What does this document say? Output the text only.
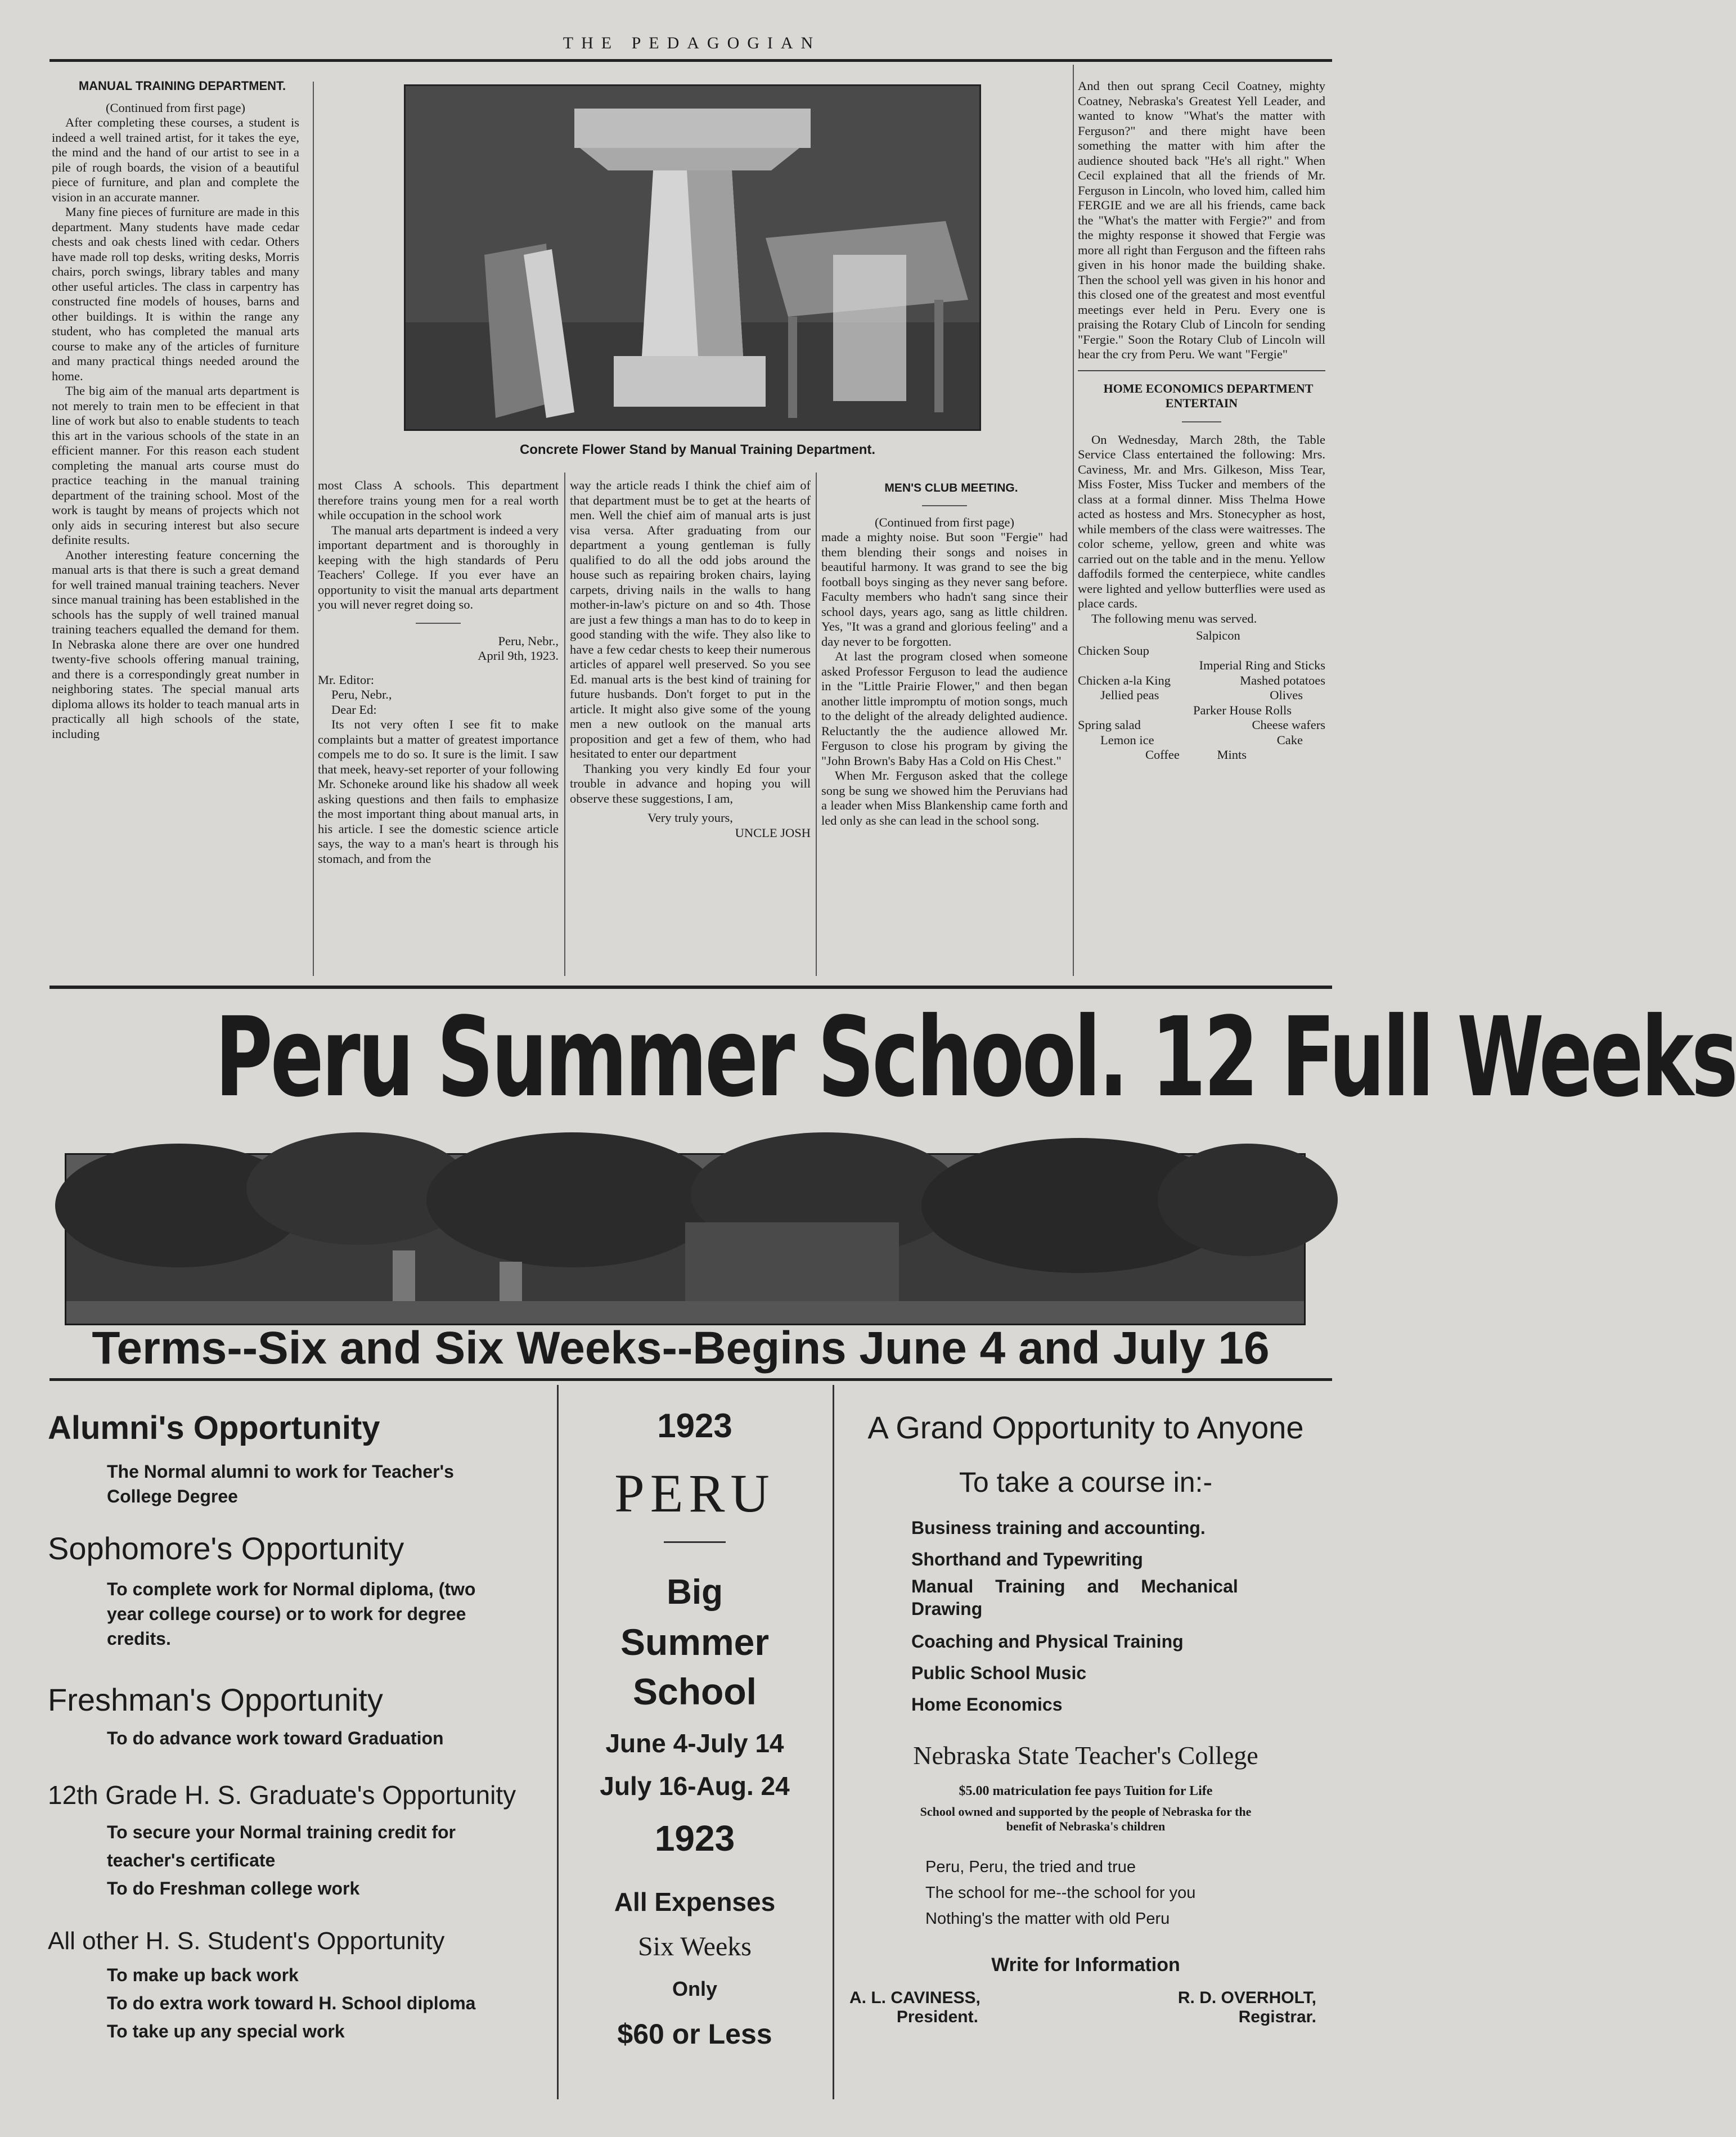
THE PEDAGOGIAN

MANUAL TRAINING DEPARTMENT.

(Continued from first page)

After completing these courses, a student is indeed a well trained artist, for it takes the eye, the mind and the hand of our artist to see in a pile of rough boards, the vision of a beautiful piece of furniture, and plan and complete the vision in an accurate manner.

Many fine pieces of furniture are made in this department. Many students have made cedar chests and oak chests lined with cedar. Others have made roll top desks, writing desks, Morris chairs, porch swings, library tables and many other useful articles. The class in carpentry has constructed fine models of houses, barns and other buildings. It is within the range any student, who has completed the manual arts course to make any of the articles of furniture and many practical things needed around the home.

The big aim of the manual arts department is not merely to train men to be effecient in that line of work but also to enable students to teach this art in the various schools of the state in an efficient manner. For this reason each student completing the manual arts course must do practice teaching in the manual training department of the training school. Most of the work is taught by means of projects which not only aids in securing interest but also secure definite results.

Another interesting feature concerning the manual arts is that there is such a great demand for well trained manual training teachers. Never since manual training has been established in the schools has the supply of well trained manual training teachers equalled the demand for them. In Nebraska alone there are over one hundred twenty-five schools offering manual training, and there is a correspondingly great number in neighboring states. The special manual arts diploma allows its holder to teach manual arts in practically all high schools of the state, including

Concrete Flower Stand by Manual Training Department.

most Class A schools. This department therefore trains young men for a real worth while occupation in the school work

The manual arts department is indeed a very important department and is thoroughly in keeping with the high standards of Peru Teachers' College. If you ever have an opportunity to visit the manual arts department you will never regret doing so.

Peru, Nebr.,

April 9th, 1923.

Mr. Editor:

Peru, Nebr.,

Dear Ed:

Its not very often I see fit to make complaints but a matter of greatest importance compels me to do so. It sure is the limit. I saw that meek, heavy-set reporter of your following Mr. Schoneke around like his shadow all week asking questions and then fails to emphasize the most important thing about manual arts, in his article. I see the domestic science article says, the way to a man's heart is through his stomach, and from the

way the article reads I think the chief aim of that department must be to get at the hearts of men. Well the chief aim of manual arts is just visa versa. After graduating from our department a young gentleman is fully qualified to do all the odd jobs around the house such as repairing broken chairs, laying carpets, driving nails in the walls to hang mother-in-law's picture on and so 4th. Those are just a few things a man has to do to keep in good standing with the wife. They also like to have a few cedar chests to keep their numerous articles of apparel well preserved. So you see Ed. manual arts is the best kind of training for future husbands. Don't forget to put in the article. It might also give some of the young men a new outlook on the manual arts proposition and get a few of them, who had hesitated to enter our department

Thanking you very kindly Ed four your trouble in advance and hoping you will observe these suggestions, I am,

Very truly yours,

UNCLE JOSH

MEN'S CLUB MEETING.

(Continued from first page)

made a mighty noise. But soon "Fergie" had them blending their songs and noises in beautiful harmony. It was grand to see the big football boys singing as they never sang before. Faculty members who hadn't sang since their school days, years ago, sang as little children. Yes, "It was a grand and glorious feeling" and a day never to be forgotten.

At last the program closed when someone asked Professor Ferguson to lead the audience in the "Little Prairie Flower," and then began another little impromptu of motion songs, much to the delight of the already delighted audience. Reluctantly the the audience allowed Mr. Ferguson to close his program by giving the "John Brown's Baby Has a Cold on His Chest."

When Mr. Ferguson asked that the college song be sung we showed him the Peruvians had a leader when Miss Blankenship came forth and led only as she can lead in the school song.

And then out sprang Cecil Coatney, mighty Coatney, Nebraska's Greatest Yell Leader, and wanted to know "What's the matter with Ferguson?" and there might have been something the matter with him after the audience shouted back "He's all right." When Cecil explained that all the friends of Mr. Ferguson in Lincoln, who loved him, called him FERGIE and we are all his friends, came back the "What's the matter with Fergie?" and from the mighty response it showed that Fergie was more all right than Ferguson and the fifteen rahs given in his honor made the building shake. Then the school yell was given in his honor and this closed one of the greatest and most eventful meetings ever held in Peru. Every one is praising the Rotary Club of Lincoln for sending "Fergie." Soon the Rotary Club of Lincoln will hear the cry from Peru. We want "Fergie"

HOME ECONOMICS DEPARTMENT ENTERTAIN

On Wednesday, March 28th, the Table Service Class entertained the following: Mrs. Caviness, Mr. and Mrs. Gilkeson, Miss Tear, Miss Foster, Miss Tucker and members of the class at a formal dinner. Miss Thelma Howe acted as hostess and Mrs. Stonecypher as host, while members of the class were waitresses. The color scheme, yellow, green and white was carried out on the table and in the menu. Yellow daffodils formed the centerpiece, white candles were lighted and yellow butterflies were used as place cards.

The following menu was served.

Salpicon
Chicken Soup
Imperial Ring and Sticks
Chicken a-la King	Mashed potatoes
Jellied peas	Olives
Parker House Rolls
Spring salad	Cheese wafers
Lemon ice	Cake
Coffee	Mints
Peru Summer School. 12 Full Weeks
Terms--Six and Six Weeks--Begins June 4 and July 16

Alumni's Opportunity

The Normal alumni to work for Teacher's

College Degree

Sophomore's Opportunity

To complete work for Normal diploma, (two

year college course) or to work for degree

credits.

Freshman's Opportunity

To do advance work toward Graduation

12th Grade H. S. Graduate's Opportunity

To secure your Normal training credit for

teacher's certificate

To do Freshman college work

All other H. S. Student's Opportunity

To make up back work

To do extra work toward H. School diploma

To take up any special work

1923

PERU

Big

Summer

School

June 4-July 14

July 16-Aug. 24

1923

All Expenses

Six Weeks

Only

$60 or Less

A Grand Opportunity to Anyone

To take a course in:-

Business training and accounting.

Shorthand and Typewriting

Manual Training and Mechanical

Drawing

Coaching and Physical Training

Public School Music

Home Economics

Nebraska State Teacher's College

$5.00 matriculation fee pays Tuition for Life

School owned and supported by the people of Nebraska for the

benefit of Nebraska's children

Peru, Peru, the tried and true

The school for me--the school for you

Nothing's the matter with old Peru

Write for Information

A. L. CAVINESS,

President.

R. D. OVERHOLT,

Registrar.
